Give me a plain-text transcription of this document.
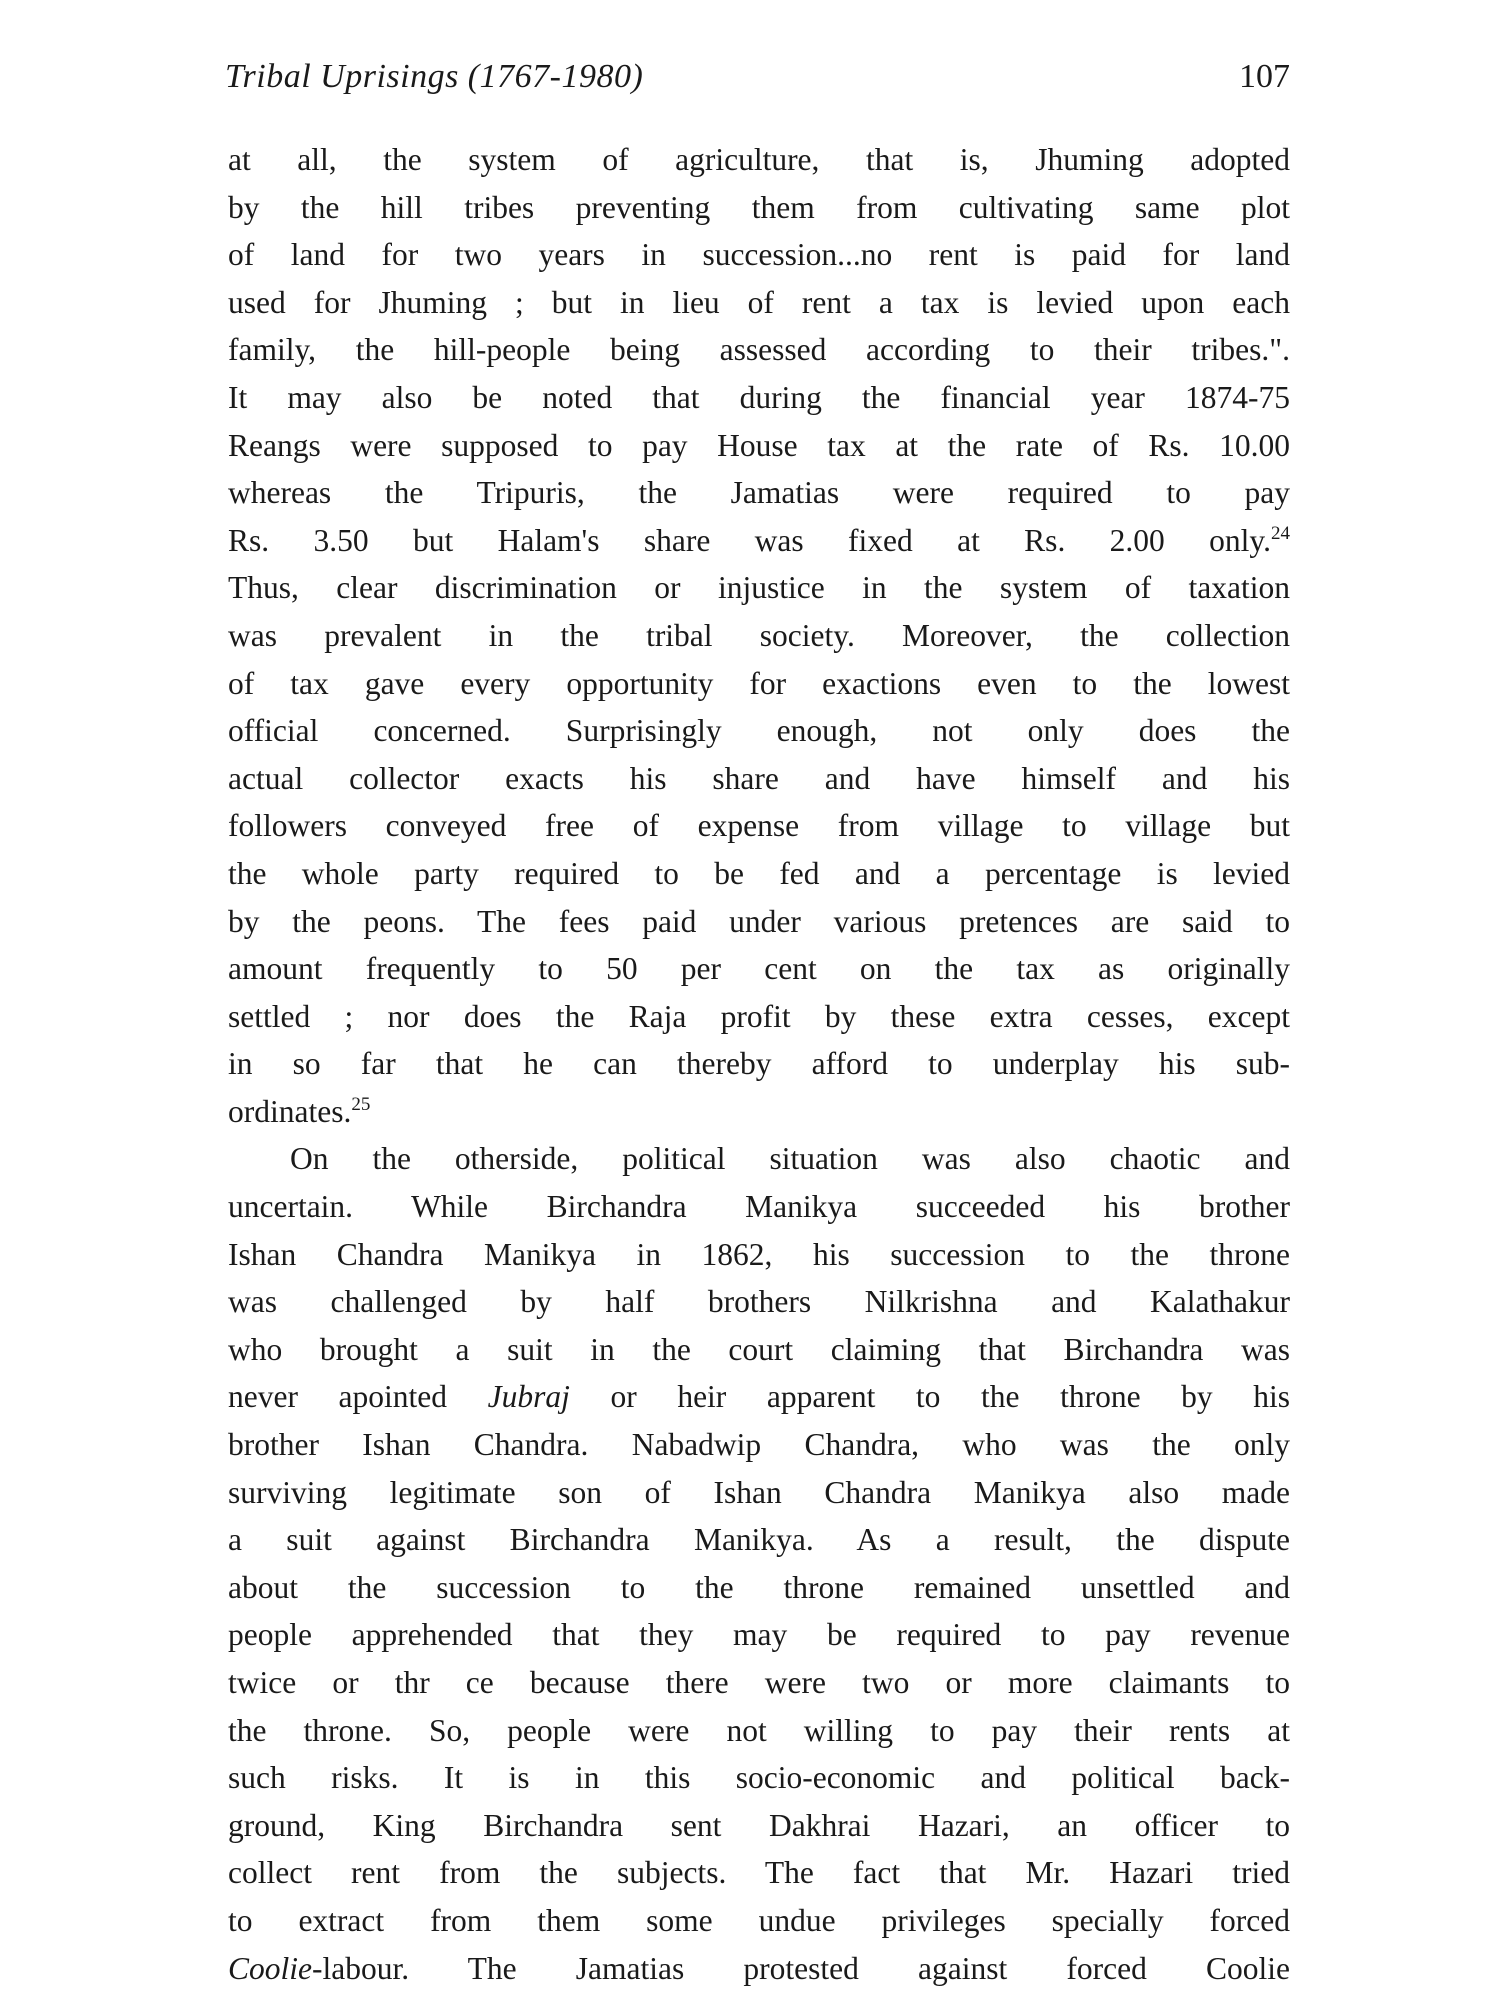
Tribal Uprisings (1767-1980)	107
at all, the system of agriculture, that is, Jhuming adopted
by the hill tribes preventing them from cultivating same plot
of land for two years in succession...no rent is paid for land
used for Jhuming ; but in lieu of rent a tax is levied upon each
family, the hill-people being assessed according to their tribes.".
It may also be noted that during the financial year 1874-75
Reangs were supposed to pay House tax at the rate of Rs. 10.00
whereas the Tripuris, the Jamatias were required to pay
Rs. 3.50 but Halam's share was fixed at Rs. 2.00 only.$^{24}$
Thus, clear discrimination or injustice in the system of taxation
was prevalent in the tribal society. Moreover, the collection
of tax gave every opportunity for exactions even to the lowest
official concerned. Surprisingly enough, not only does the
actual collector exacts his share and have himself and his
followers conveyed free of expense from village to village but
the whole party required to be fed and a percentage is levied
by the peons. The fees paid under various pretences are said to
amount frequently to 50 per cent on the tax as originally
settled ; nor does the Raja profit by these extra cesses, except
in so far that he can thereby afford to underplay his sub-
ordinates.$^{25}$
On the otherside, political situation was also chaotic and
uncertain. While Birchandra Manikya succeeded his brother
Ishan Chandra Manikya in 1862, his succession to the throne
was challenged by half brothers Nilkrishna and Kalathakur
who brought a suit in the court claiming that Birchandra was
never apointed Jubraj or heir apparent to the throne by his
brother Ishan Chandra. Nabadwip Chandra, who was the only
surviving legitimate son of Ishan Chandra Manikya also made
a suit against Birchandra Manikya. As a result, the dispute
about the succession to the throne remained unsettled and
people apprehended that they may be required to pay revenue
twice or thr ce because there were two or more claimants to
the throne. So, people were not willing to pay their rents at
such risks. It is in this socio-economic and political back-
ground, King Birchandra sent Dakhrai Hazari, an officer to
collect rent from the subjects. The fact that Mr. Hazari tried
to extract from them some undue privileges specially forced
Coolie-labour. The Jamatias protested against forced Coolie
